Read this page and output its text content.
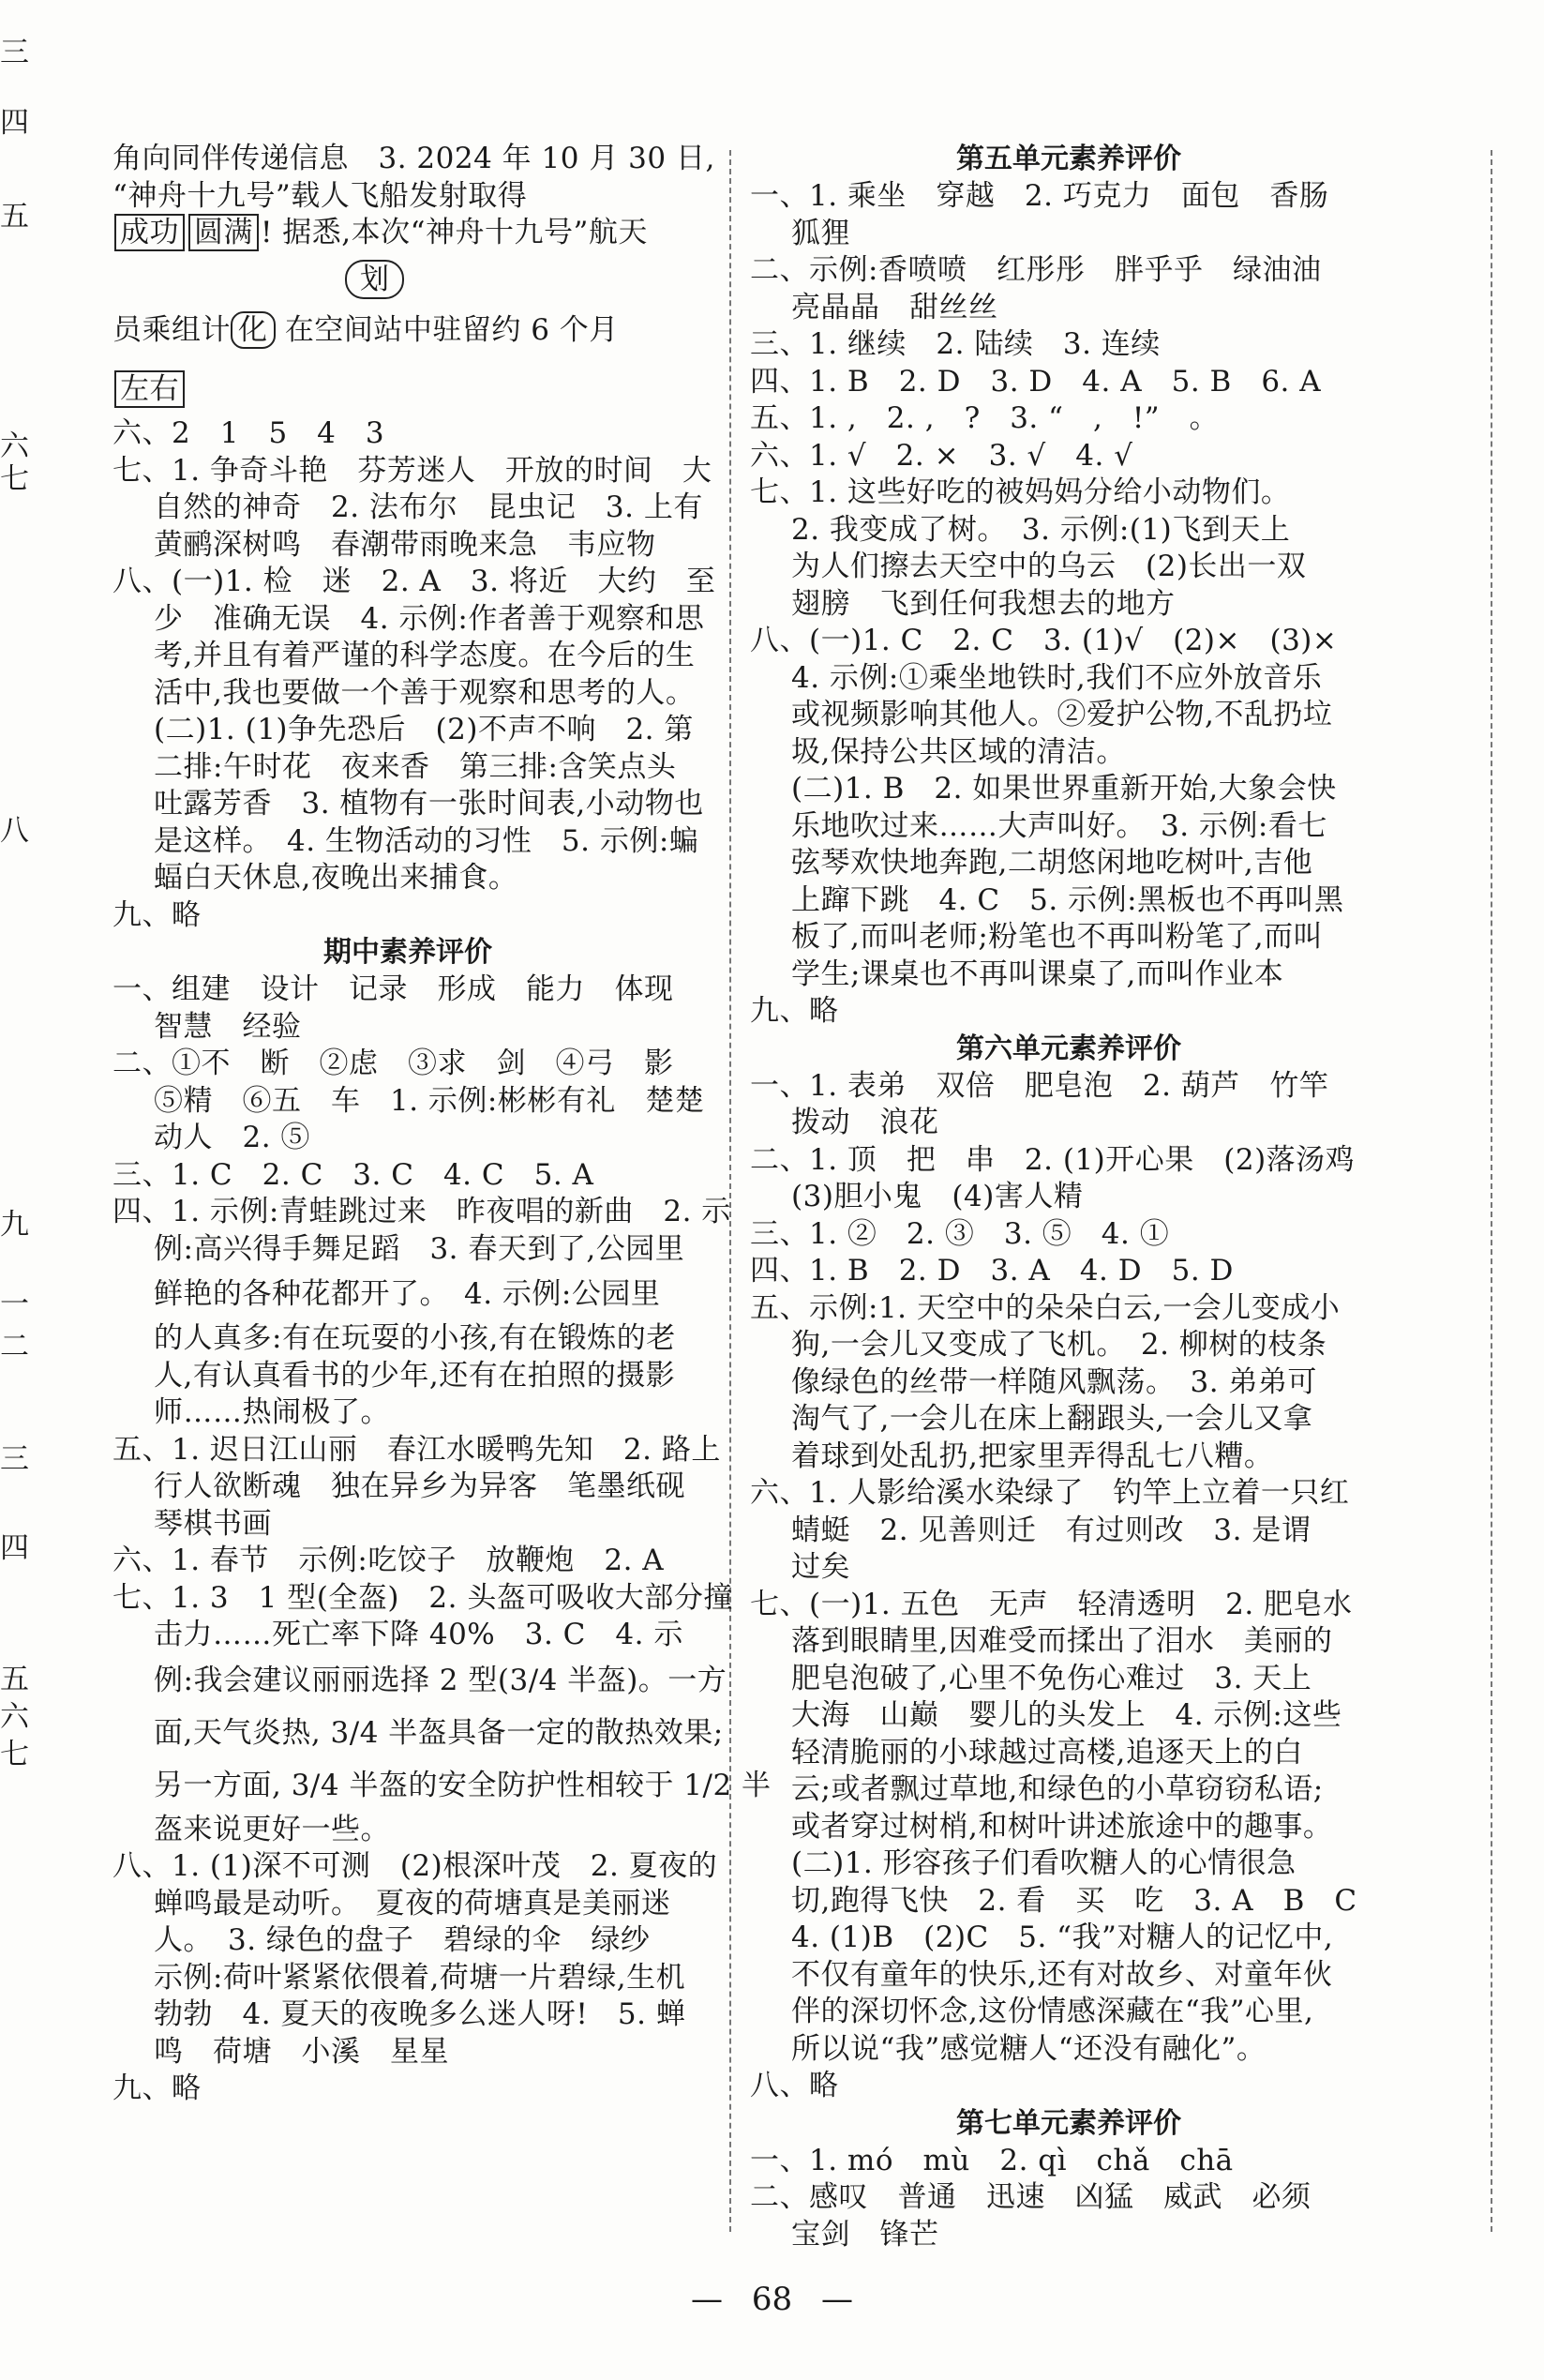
角向同伴传递信息　3. 2024 年 10 月 30 日,
“神舟十九号”载人飞船发射取得
成功 圆满 ! 据悉,本次“神舟十九号”航天
划
员乘组计 化 在空间站中驻留约 6 个月
左右
六、2　1　5　4　3
七、1. 争奇斗艳　芬芳迷人　开放的时间　大
自然的神奇　2. 法布尔　昆虫记　3. 上有
黄鹂深树鸣　春潮带雨晚来急　韦应物
八、(一)1. 检　迷　2. A　3. 将近　大约　至
少　准确无误　4. 示例:作者善于观察和思
考,并且有着严谨的科学态度。在今后的生
活中,我也要做一个善于观察和思考的人。
(二)1. (1)争先恐后　(2)不声不响　2. 第
二排:午时花　夜来香　第三排:含笑点头
吐露芳香　3. 植物有一张时间表,小动物也
是这样。　4. 生物活动的习性　5. 示例:蝙
蝠白天休息,夜晚出来捕食。
九、略
期中素养评价
一、组建　设计　记录　形成　能力　体现
智慧　经验
二、①不　断　②虑　③求　剑　④弓　影
⑤精　⑥五　车　1. 示例:彬彬有礼　楚楚
动人　2. ⑤
三、1. C　2. C　3. C　4. C　5. A
四、1. 示例:青蛙跳过来　昨夜唱的新曲　2. 示
例:高兴得手舞足蹈　3. 春天到了,公园里
鲜艳的各种花都开了。　4. 示例:公园里
的人真多:有在玩耍的小孩,有在锻炼的老
人,有认真看书的少年,还有在拍照的摄影
师……热闹极了。
五、1. 迟日江山丽　春江水暖鸭先知　2. 路上
行人欲断魂　独在异乡为异客　笔墨纸砚
琴棋书画
六、1. 春节　示例:吃饺子　放鞭炮　2. A
七、1. 3　1 型(全盔)　2. 头盔可吸收大部分撞
击力……死亡率下降 40%　3. C　4. 示
例:我会建议丽丽选择 2 型(3/4 半盔)。一方
面,天气炎热, 3/4 半盔具备一定的散热效果;
另一方面, 3/4 半盔的安全防护性相较于 1/2 半
盔来说更好一些。
八、1. (1)深不可测　(2)根深叶茂　2. 夏夜的
蝉鸣最是动听。　夏夜的荷塘真是美丽迷
人。　3. 绿色的盘子　碧绿的伞　绿纱
示例:荷叶紧紧依偎着,荷塘一片碧绿,生机
勃勃　4. 夏天的夜晚多么迷人呀!　5. 蝉
鸣　荷塘　小溪　星星
九、略
第五单元素养评价
一、1. 乘坐　穿越　2. 巧克力　面包　香肠
狐狸
二、示例:香喷喷　红彤彤　胖乎乎　绿油油
亮晶晶　甜丝丝
三、1. 继续　2. 陆续　3. 连续
四、1. B　2. D　3. D　4. A　5. B　6. A
五、1. ,　2. ,　?　3. “　,　!”　。
六、1. √　2. ×　3. √　4. √
七、1. 这些好吃的被妈妈分给小动物们。
2. 我变成了树。　3. 示例:(1)飞到天上
为人们擦去天空中的乌云　(2)长出一双
翅膀　飞到任何我想去的地方
八、(一)1. C　2. C　3. (1)√　(2)×　(3)×
4. 示例:①乘坐地铁时,我们不应外放音乐
或视频影响其他人。②爱护公物,不乱扔垃
圾,保持公共区域的清洁。
(二)1. B　2. 如果世界重新开始,大象会快
乐地吹过来……大声叫好。　3. 示例:看七
弦琴欢快地奔跑,二胡悠闲地吃树叶,吉他
上蹿下跳　4. C　5. 示例:黑板也不再叫黑
板了,而叫老师;粉笔也不再叫粉笔了,而叫
学生;课桌也不再叫课桌了,而叫作业本
九、略
第六单元素养评价
一、1. 表弟　双倍　肥皂泡　2. 葫芦　竹竿
拨动　浪花
二、1. 顶　把　串　2. (1)开心果　(2)落汤鸡
(3)胆小鬼　(4)害人精
三、1. ②　2. ③　3. ⑤　4. ①
四、1. B　2. D　3. A　4. D　5. D
五、示例:1. 天空中的朵朵白云,一会儿变成小
狗,一会儿又变成了飞机。　2. 柳树的枝条
像绿色的丝带一样随风飘荡。　3. 弟弟可
淘气了,一会儿在床上翻跟头,一会儿又拿
着球到处乱扔,把家里弄得乱七八糟。
六、1. 人影给溪水染绿了　钓竿上立着一只红
蜻蜓　2. 见善则迁　有过则改　3. 是谓
过矣
七、(一)1. 五色　无声　轻清透明　2. 肥皂水
落到眼睛里,因难受而揉出了泪水　美丽的
肥皂泡破了,心里不免伤心难过　3. 天上
大海　山巅　婴儿的头发上　4. 示例:这些
轻清脆丽的小球越过高楼,追逐天上的白
云;或者飘过草地,和绿色的小草窃窃私语;
或者穿过树梢,和树叶讲述旅途中的趣事。
(二)1. 形容孩子们看吹糖人的心情很急
切,跑得飞快　2. 看　买　吃　3. A　B　C
4. (1)B　(2)C　5. “我”对糖人的记忆中,
不仅有童年的快乐,还有对故乡、对童年伙
伴的深切怀念,这份情感深藏在“我”心里,
所以说“我”感觉糖人“还没有融化”。
八、略
第七单元素养评价
一、1. mó　mù　2. qì　chǎ　chā
二、感叹　普通　迅速　凶猛　威武　必须
宝剑　锋芒
三
四
五
六
七
八
九
一
二
三
四
五
六
七
— 68 —
